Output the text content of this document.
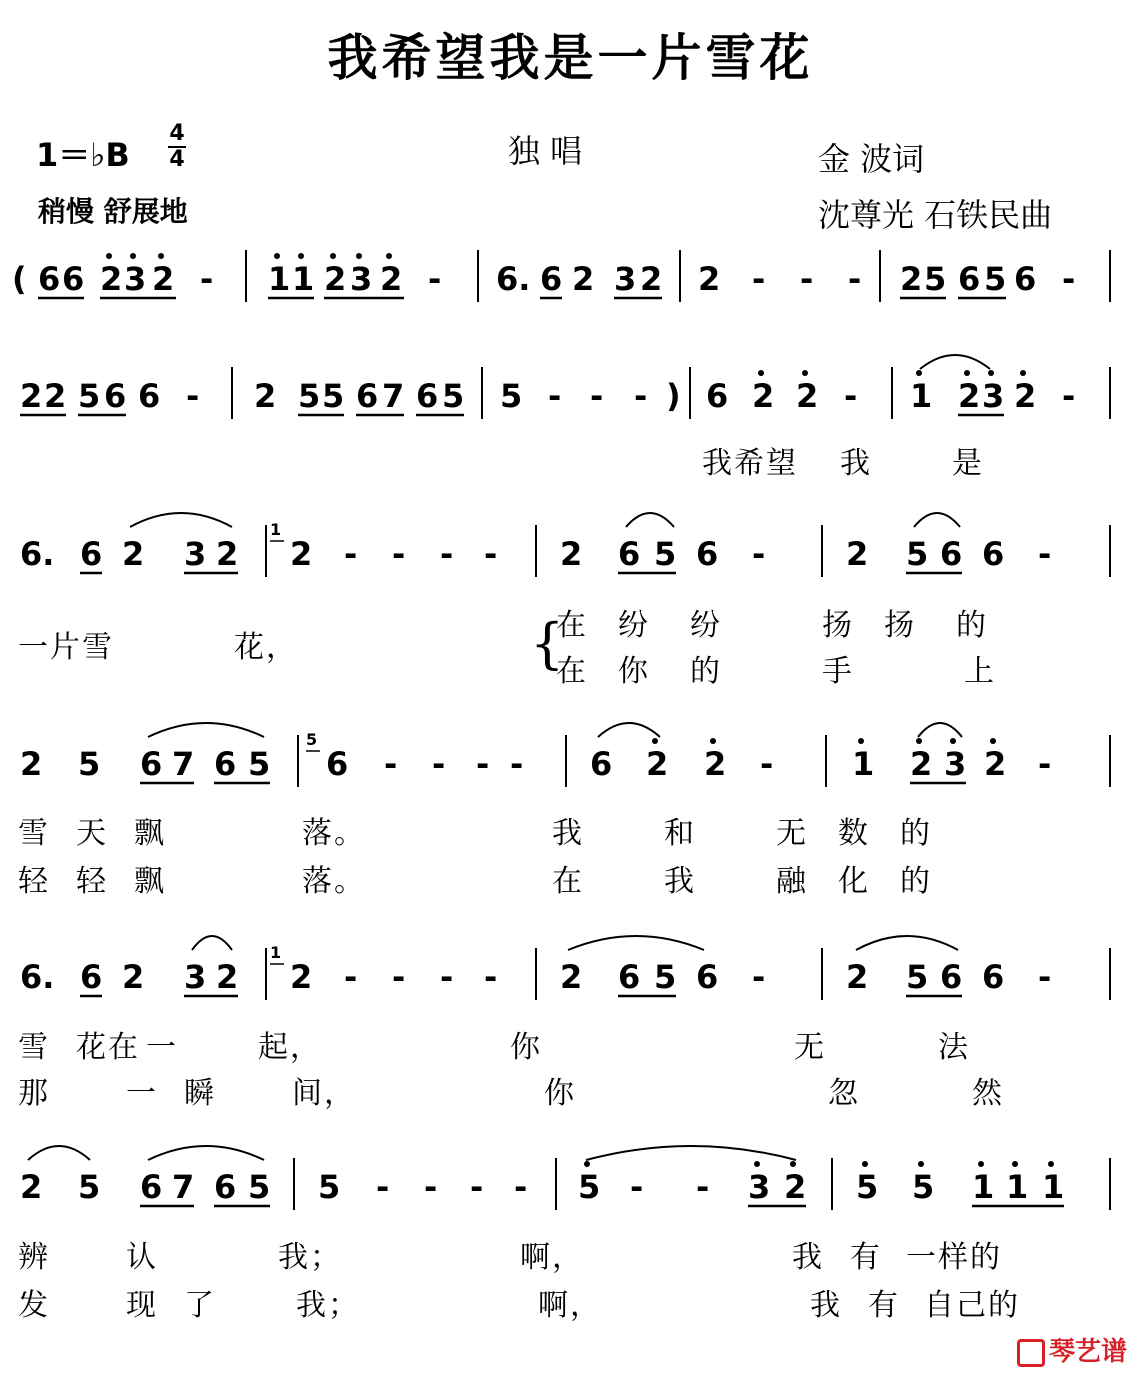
我希望我是一片雪花
1＝♭B
4
4	独 唱	金 波词
稍慢 舒展地	沈尊光 石铁民曲
( 6 6 2 3 2 - 1 1 2 3 2 - 6. 6 2 3 2 2 - - - 2 5 6 5 6 -
2 2 5 6 6 - 2 5 5 6 7 6 5 5 - - - 6 2 2 - 1 2 3 2 -
)
6. 6 2 3 2 2 - - - - 2 6 5 6 -	2 5 6 6 -
1
2 5 6 7 6 5 6 - - - - 6 2 2 - 1 2 3 2 -
5
6. 6 2 3 2 2 - - - - 2 6 5 6 -	2 5 6 6 -
1
2 5 6 7 6 5 5 - - - - 5 - - 3 2 5 5 1 1 1
我希望 我	是
一片雪	花，	{
在 纷 纷	扬 扬 的
在 你 的	手	上
雪 天 飘	落。	我	和	无 数 的
轻 轻 飘	落。	在	我	融 化 的
雪 花在 一	起，	你	无	法
那	一 瞬	间，	你	忽	然
辨	认	我；	啊，	我 有 一样的
发	现 了	我；	啊，	我 有 自己的
琴艺谱
